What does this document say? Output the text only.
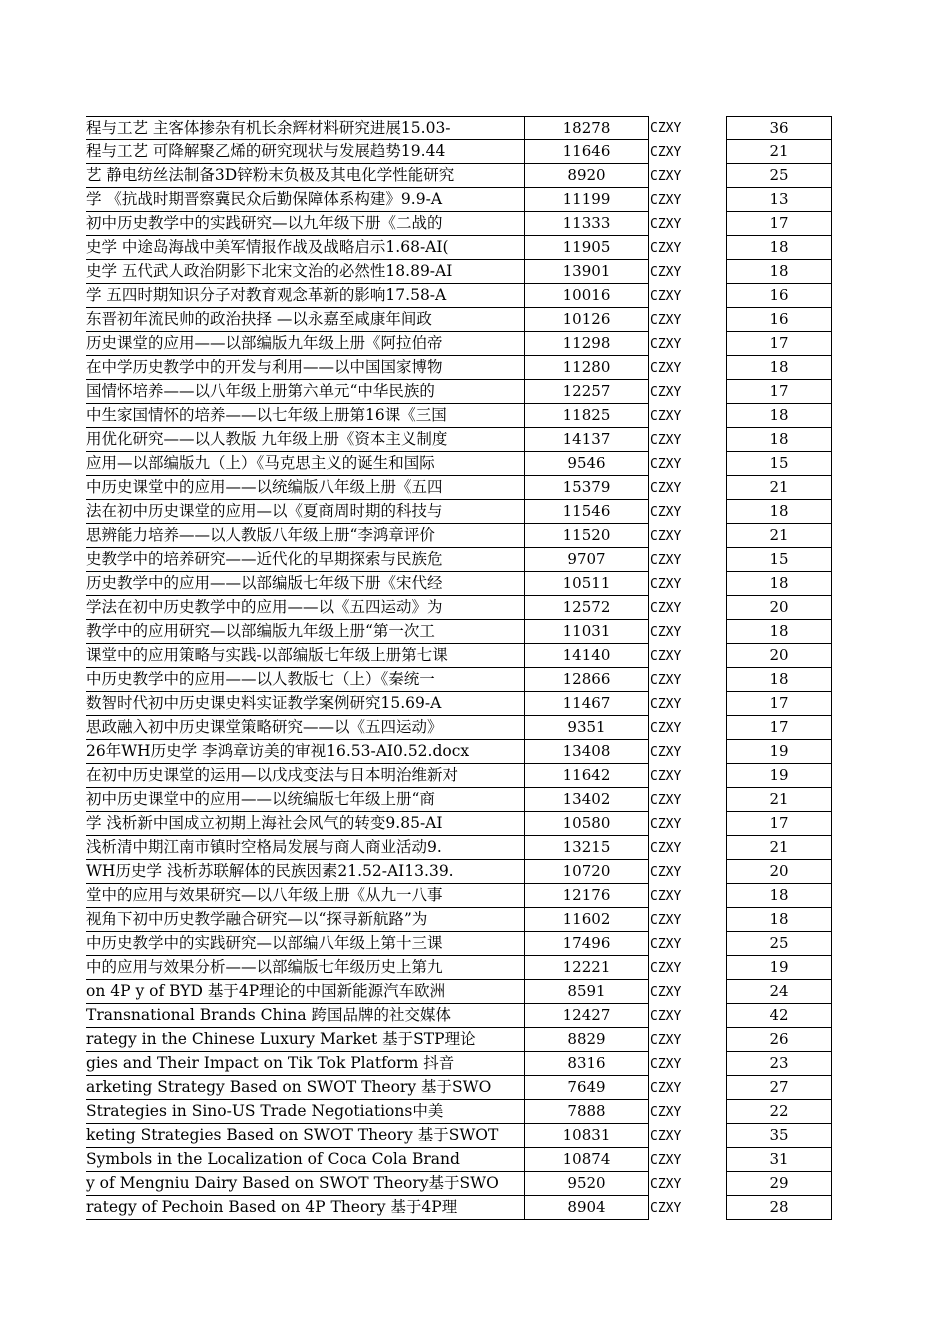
程与工艺 主客体掺杂有机长余辉材料研究进展15.03-	18278	CZXY	36
程与工艺 可降解聚乙烯的研究现状与发展趋势19.44	11646	CZXY	21
艺 静电纺丝法制备3D锌粉末负极及其电化学性能研究	8920	CZXY	25
学 《抗战时期晋察冀民众后勤保障体系构建》9.9-A	11199	CZXY	13
初中历史教学中的实践研究—以九年级下册《二战的	11333	CZXY	17
史学 中途岛海战中美军情报作战及战略启示1.68-AI(	11905	CZXY	18
史学 五代武人政治阴影下北宋文治的必然性18.89-AI	13901	CZXY	18
学 五四时期知识分子对教育观念革新的影响17.58-A	10016	CZXY	16
东晋初年流民帅的政治抉择 —以永嘉至咸康年间政	10126	CZXY	16
历史课堂的应用——以部编版九年级上册《阿拉伯帝	11298	CZXY	17
在中学历史教学中的开发与利用——以中国国家博物	11280	CZXY	18
国情怀培养——以八年级上册第六单元“中华民族的	12257	CZXY	17
中生家国情怀的培养——以七年级上册第16课《三国	11825	CZXY	18
用优化研究——以人教版 九年级上册《资本主义制度	14137	CZXY	18
应用—以部编版九（上）《马克思主义的诞生和国际	9546	CZXY	15
中历史课堂中的应用——以统编版八年级上册《五四	15379	CZXY	21
法在初中历史课堂的应用—以《夏商周时期的科技与	11546	CZXY	18
思辨能力培养——以人教版八年级上册“李鸿章评价	11520	CZXY	21
史教学中的培养研究——近代化的早期探索与民族危	9707	CZXY	15
历史教学中的应用——以部编版七年级下册《宋代经	10511	CZXY	18
学法在初中历史教学中的应用——以《五四运动》为	12572	CZXY	20
教学中的应用研究—以部编版九年级上册“第一次工	11031	CZXY	18
课堂中的应用策略与实践-以部编版七年级上册第七课	14140	CZXY	20
中历史教学中的应用——以人教版七（上）《秦统一	12866	CZXY	18
数智时代初中历史课史料实证教学案例研究15.69-A	11467	CZXY	17
思政融入初中历史课堂策略研究——以《五四运动》	9351	CZXY	17
26年WH历史学 李鸿章访美的审视16.53-AI0.52.docx	13408	CZXY	19
在初中历史课堂的运用—以戊戌变法与日本明治维新对	11642	CZXY	19
初中历史课堂中的应用——以统编版七年级上册“商	13402	CZXY	21
学 浅析新中国成立初期上海社会风气的转变9.85-AI	10580	CZXY	17
浅析清中期江南市镇时空格局发展与商人商业活动9.	13215	CZXY	21
WH历史学 浅析苏联解体的民族因素21.52-AI13.39.	10720	CZXY	20
堂中的应用与效果研究—以八年级上册《从九一八事	12176	CZXY	18
视角下初中历史教学融合研究—以“探寻新航路”为	11602	CZXY	18
中历史教学中的实践研究—以部编八年级上第十三课	17496	CZXY	25
中的应用与效果分析——以部编版七年级历史上第九	12221	CZXY	19
on 4P y of BYD 基于4P理论的中国新能源汽车欧洲	8591	CZXY	24
Transnational Brands China 跨国品牌的社交媒体	12427	CZXY	42
rategy in the Chinese Luxury Market 基于STP理论	8829	CZXY	26
gies and Their Impact on Tik Tok Platform 抖音	8316	CZXY	23
arketing Strategy Based on SWOT Theory 基于SWO	7649	CZXY	27
Strategies in Sino-US Trade Negotiations中美	7888	CZXY	22
keting Strategies Based on SWOT Theory 基于SWOT	10831	CZXY	35
Symbols in the Localization of Coca Cola Brand	10874	CZXY	31
y of Mengniu Dairy Based on SWOT Theory基于SWO	9520	CZXY	29
rategy of Pechoin Based on 4P Theory 基于4P理	8904	CZXY	28
